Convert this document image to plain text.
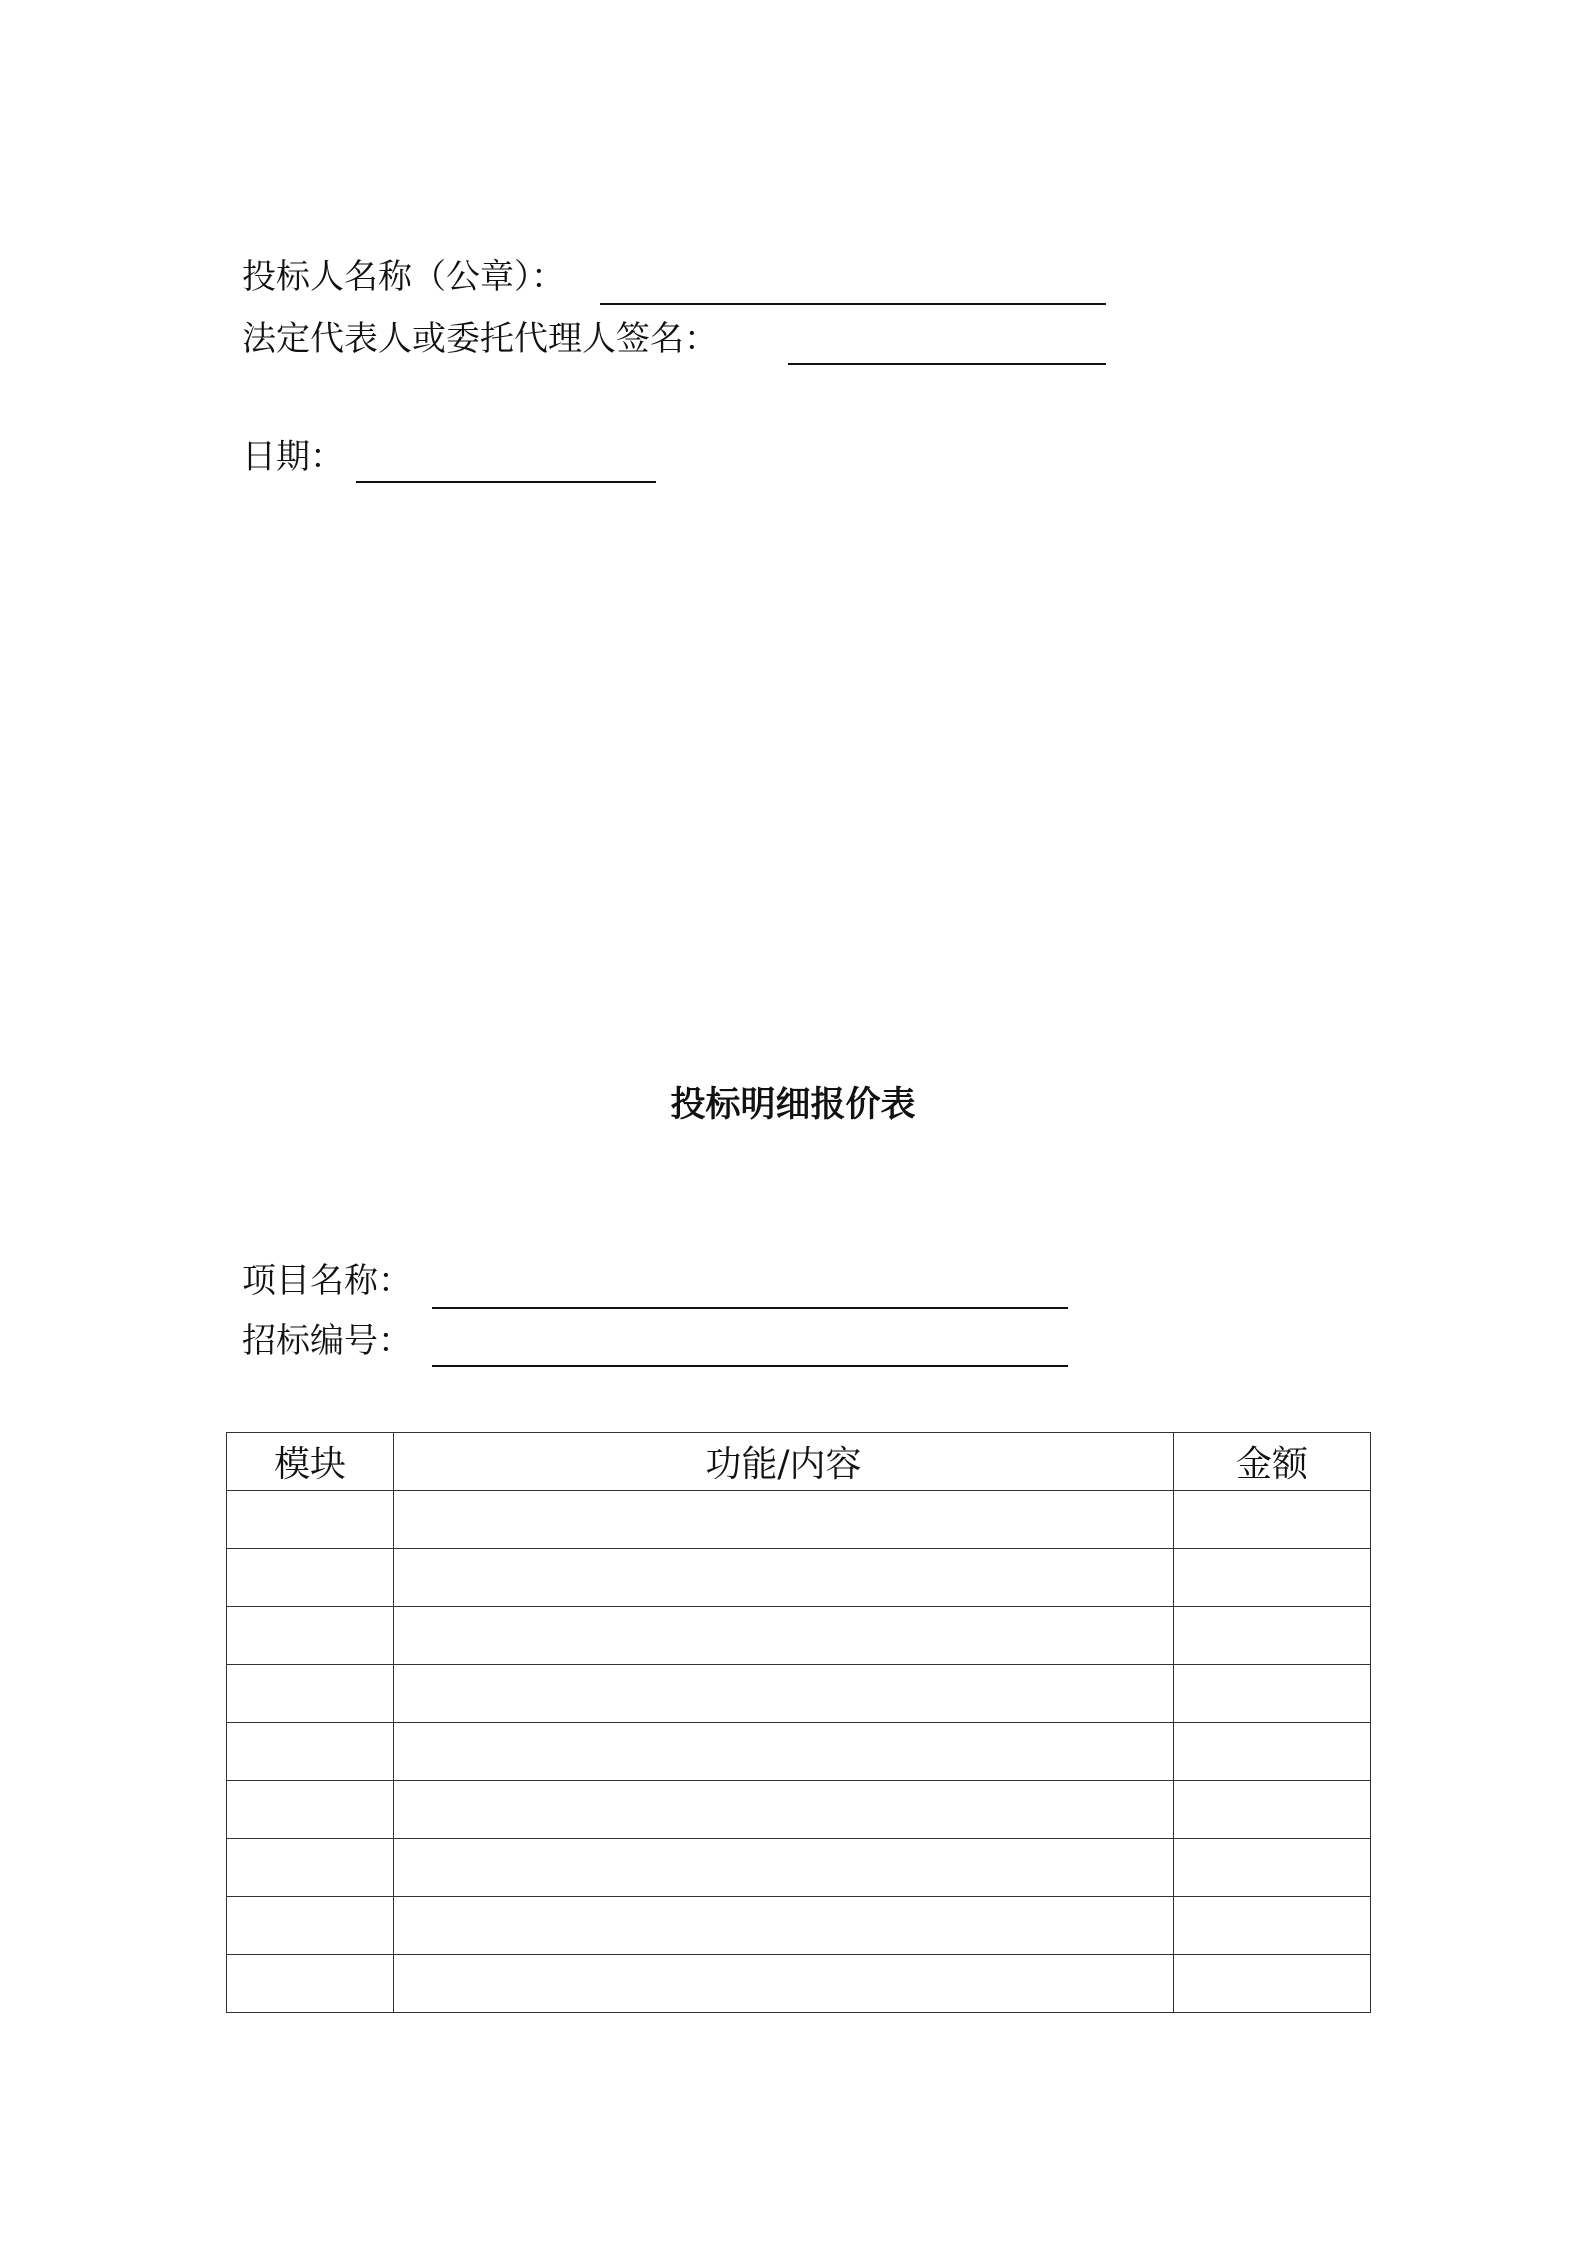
投标人名称（公章）：
法定代表人或委托代理人签名：
日期：
投标明细报价表
项目名称：
招标编号：
模块	功能/内容	金额
